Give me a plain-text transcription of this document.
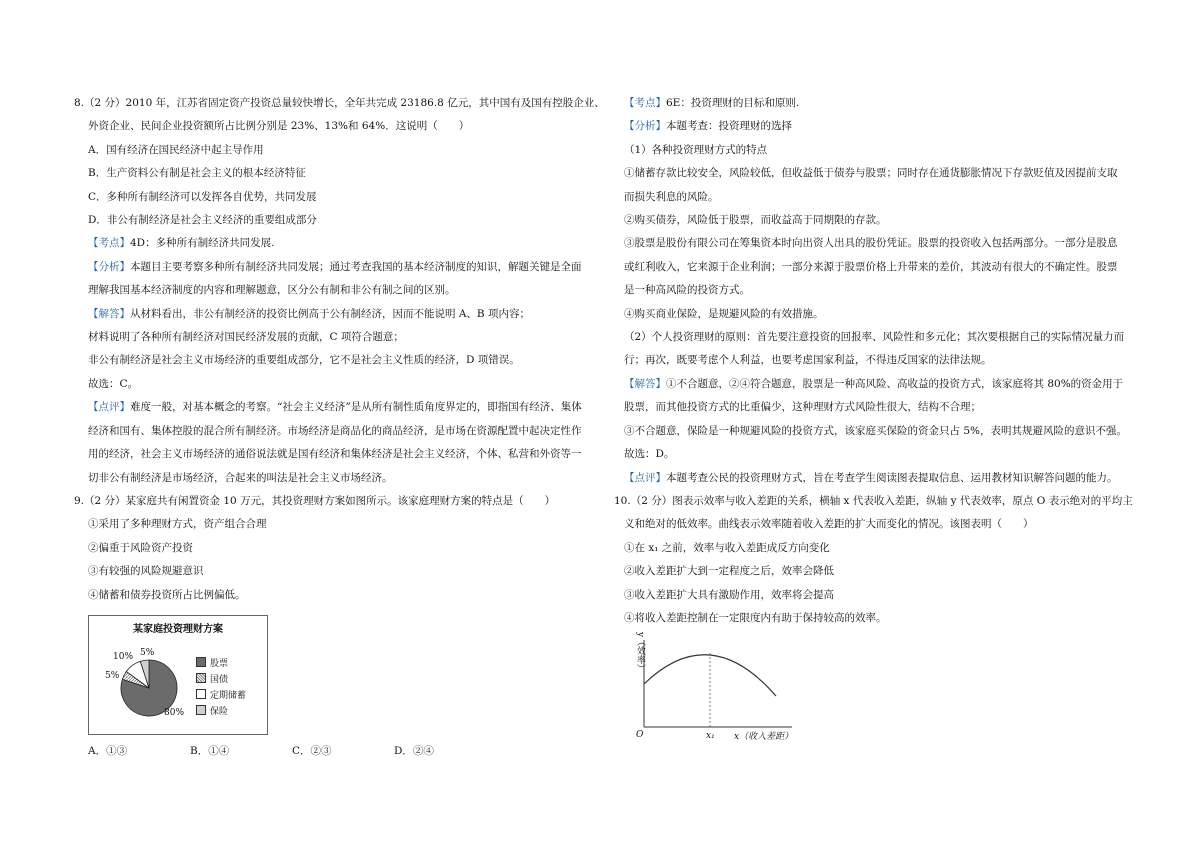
8.（2 分）2010 年，江苏省固定资产投资总量较快增长，全年共完成 23186.8 亿元，其中国有及国有控股企业、
外资企业、民间企业投资额所占比例分别是 23%、13%和 64%．这说明（　　）
A．国有经济在国民经济中起主导作用
B．生产资料公有制是社会主义的根本经济特征
C．多种所有制经济可以发挥各自优势，共同发展
D．非公有制经济是社会主义经济的重要组成部分
【考点】4D：多种所有制经济共同发展.
【分析】本题目主要考察多种所有制经济共同发展；通过考查我国的基本经济制度的知识，解题关键是全面
理解我国基本经济制度的内容和理解题意，区分公有制和非公有制之间的区别。
【解答】从材料看出，非公有制经济的投资比例高于公有制经济，因而不能说明 A、B 项内容；
材料说明了各种所有制经济对国民经济发展的贡献，C 项符合题意；
非公有制经济是社会主义市场经济的重要组成部分，它不是社会主义性质的经济，D 项错误。
故选：C。
【点评】难度一般，对基本概念的考察。“社会主义经济”是从所有制性质角度界定的，即指国有经济、集体
经济和国有、集体控股的混合所有制经济。市场经济是商品化的商品经济，是市场在资源配置中起决定性作
用的经济，社会主义市场经济的通俗说法就是国有经济和集体经济是社会主义经济，个体、私营和外资等一
切非公有制经济是市场经济，合起来的叫法是社会主义市场经济。
9.（2 分）某家庭共有闲置资金 10 万元，其投资理财方案如图所示。该家庭理财方案的特点是（　　）
①采用了多种理财方式，资产组合合理
②偏重于风险资产投资
③有较强的风险规避意识
④储蓄和债券投资所占比例偏低。
某家庭投资理财方案
10% 5%
5%
80%
股票
国债
定期储蓄
保险
A．①③	B．①④	C．②③	D．②④
【考点】6E：投资理财的目标和原则.
【分析】本题考查：投资理财的选择
（1）各种投资理财方式的特点
①储蓄存款比较安全，风险较低，但收益低于债券与股票；同时存在通货膨胀情况下存款贬值及因提前支取
而损失利息的风险。
②购买债券，风险低于股票，而收益高于同期限的存款。
③股票是股份有限公司在筹集资本时向出资人出具的股份凭证。股票的投资收入包括两部分。一部分是股息
或红利收入，它来源于企业利润；一部分来源于股票价格上升带来的差价，其波动有很大的不确定性。股票
是一种高风险的投资方式。
④购买商业保险，是规避风险的有效措施。
（2）个人投资理财的原则：首先要注意投资的回报率、风险性和多元化；其次要根据自己的实际情况量力而
行；再次，既要考虑个人利益，也要考虑国家利益，不得违反国家的法律法规。
【解答】①不合题意，②④符合题意，股票是一种高风险、高收益的投资方式，该家庭将其 80%的资金用于
股票，而其他投资方式的比重偏少，这种理财方式风险性很大，结构不合理；
③不合题意，保险是一种规避风险的投资方式，该家庭买保险的资金只占 5%，表明其规避风险的意识不强。
故选：D。
【点评】本题考查公民的投资理财方式，旨在考查学生阅读图表提取信息、运用教材知识解答问题的能力。
10.（2 分）图表示效率与收入差距的关系，横轴 x 代表收入差距，纵轴 y 代表效率，原点 O 表示绝对的平均主
义和绝对的低效率。曲线表示效率随着收入差距的扩大而变化的情况。该图表明（　　）
①在 x₁ 之前，效率与收入差距成反方向变化
②收入差距扩大到一定程度之后，效率会降低
③收入差距扩大具有激励作用，效率将会提高
④将收入差距控制在一定限度内有助于保持较高的效率。
y（效率）
O	x₁ x（收入差距）
